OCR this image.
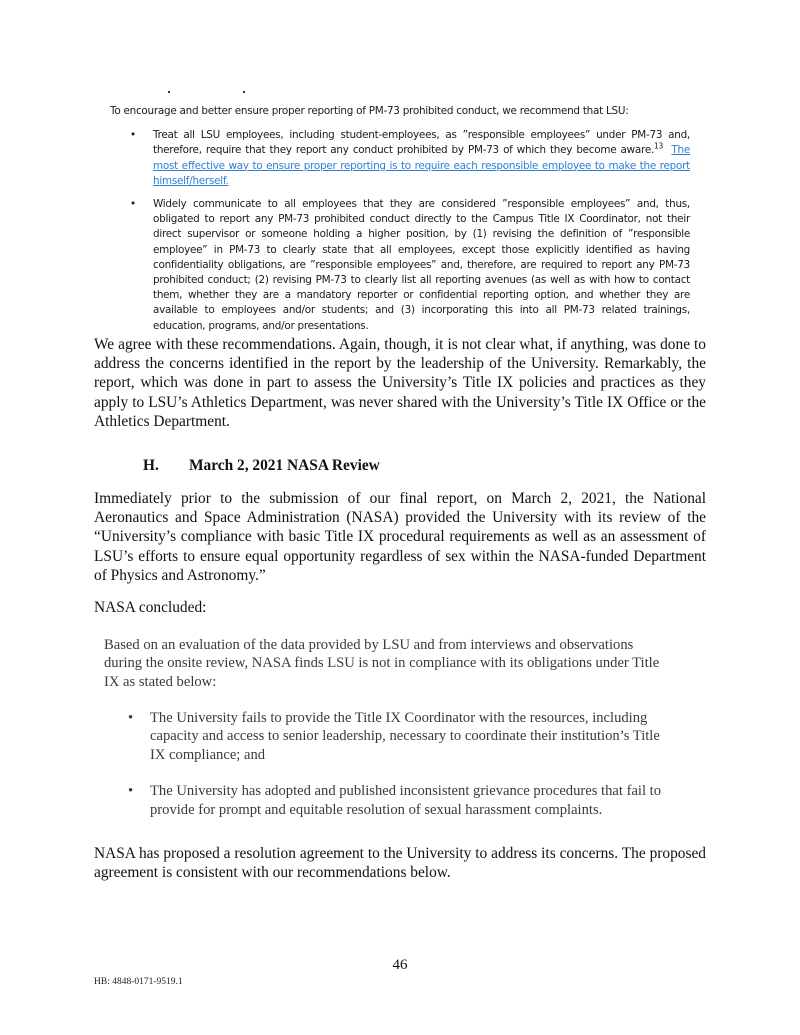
To encourage and better ensure proper reporting of PM-73 prohibited conduct, we recommend that LSU:

• Treat all LSU employees, including student-employees, as ”responsible employees” under PM-73 and, therefore, require that they report any conduct prohibited by PM-73 of which they become aware.$^{13}$ The most effective way to ensure proper reporting is to require each responsible employee to make the report himself/herself.
• Widely communicate to all employees that they are considered ”responsible employees” and, thus, obligated to report any PM-73 prohibited conduct directly to the Campus Title IX Coordinator, not their direct supervisor or someone holding a higher position, by (1) revising the definition of ”responsible employee” in PM-73 to clearly state that all employees, except those explicitly identified as having confidentiality obligations, are ”responsible employees” and, therefore, are required to report any PM-73 prohibited conduct; (2) revising PM-73 to clearly list all reporting avenues (as well as with how to contact them, whether they are a mandatory reporter or confidential reporting option, and whether they are available to employees and/or students; and (3) incorporating this into all PM-73 related trainings, education, programs, and/or presentations.

We agree with these recommendations. Again, though, it is not clear what, if anything, was done to address the concerns identified in the report by the leadership of the University. Remarkably, the report, which was done in part to assess the University’s Title IX policies and practices as they apply to LSU’s Athletics Department, was never shared with the University’s Title IX Office or the Athletics Department.

H. March 2, 2021 NASA Review

Immediately prior to the submission of our final report, on March 2, 2021, the National Aeronautics and Space Administration (NASA) provided the University with its review of the “University’s compliance with basic Title IX procedural requirements as well as an assessment of LSU’s efforts to ensure equal opportunity regardless of sex within the NASA-funded Department of Physics and Astronomy.”

NASA concluded:

Based on an evaluation of the data provided by LSU and from interviews and observations during the onsite review, NASA finds LSU is not in compliance with its obligations under Title IX as stated below:

• The University fails to provide the Title IX Coordinator with the resources, including capacity and access to senior leadership, necessary to coordinate their institution’s Title IX compliance; and
• The University has adopted and published inconsistent grievance procedures that fail to provide for prompt and equitable resolution of sexual harassment complaints.

NASA has proposed a resolution agreement to the University to address its concerns. The proposed agreement is consistent with our recommendations below.

46
HB: 4848-0171-9519.1
